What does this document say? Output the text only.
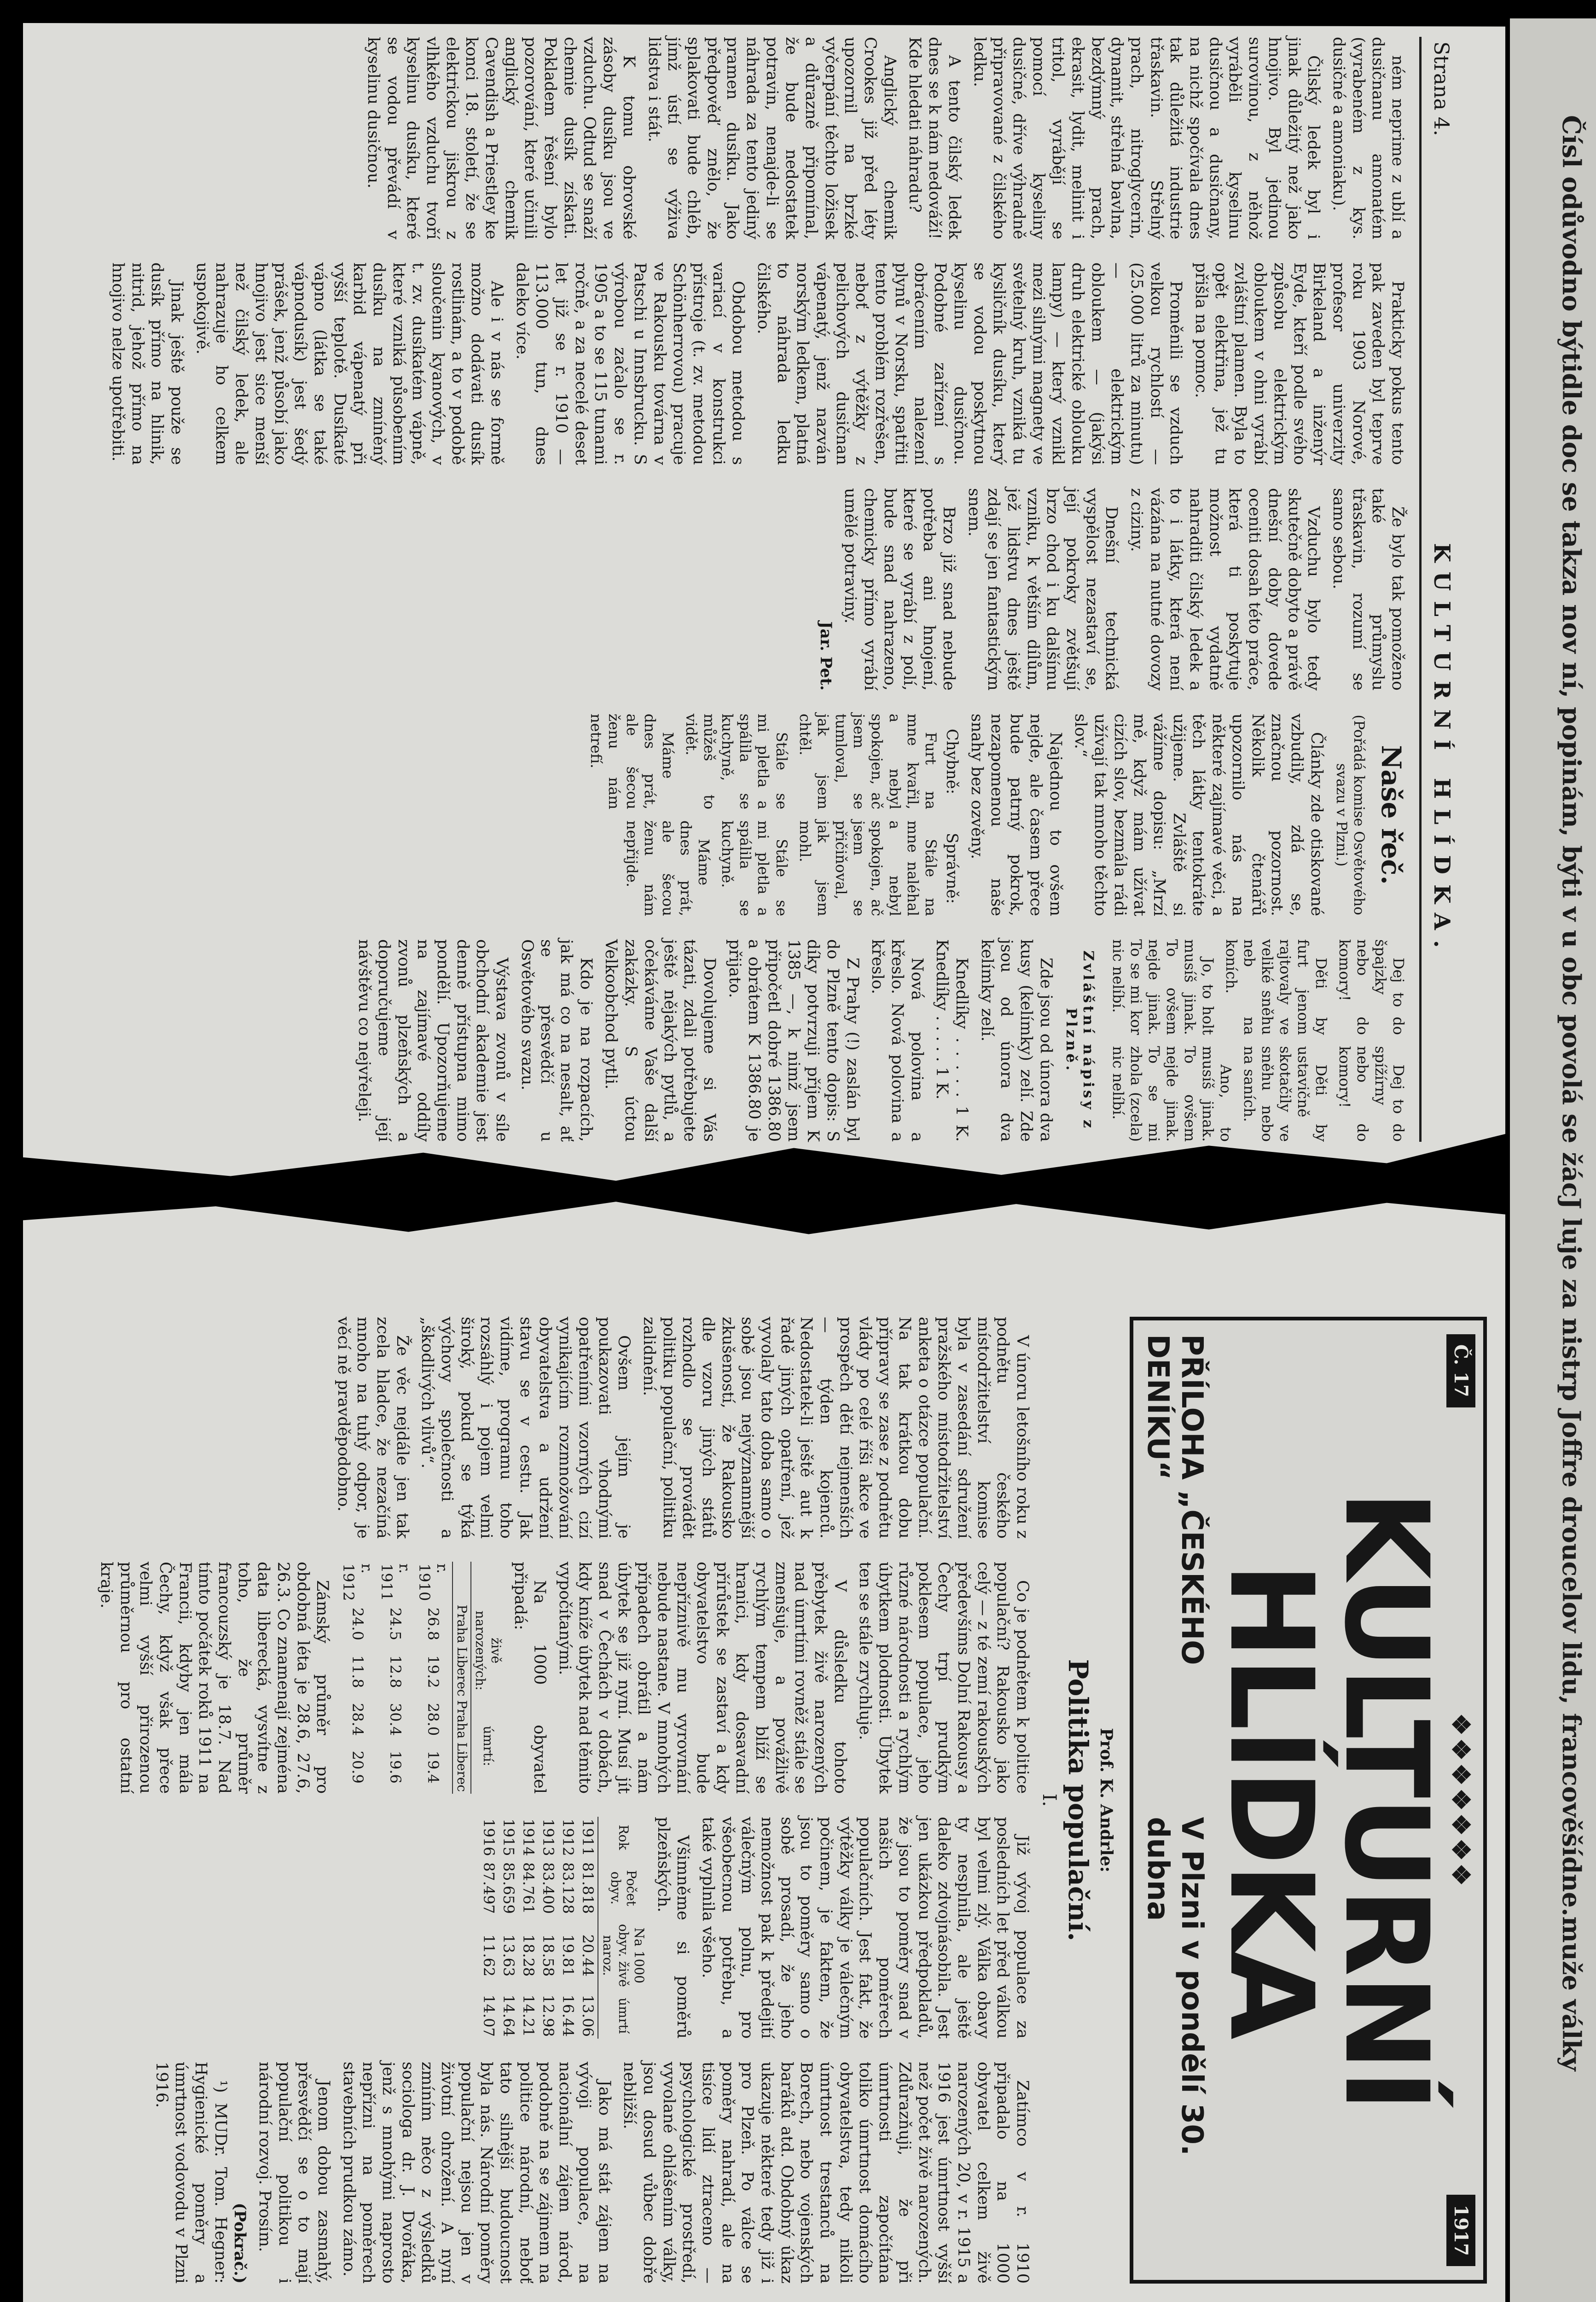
Čísl odůvodno býtidle doc se takza nov ní, popinám, býti v u obc povolá se žácJ luje za nistrp Joffre droucelov lidu, francověšídne.muže války
Strana 4.
KULTURNÍ HLÍDKA.

ném neprime z ublí a dusičnanu amonatém (vyrabeném z kys. dusičné a amoniaku).

Čilský ledek byl i jinak důležitý než jako hnojivo. Byl jedinou surovinou, z něhož vyráběli kyselinu dusičnou a dusičnany, na nichž spočívala dnes tak důležitá industrie třaskavin. Střelný prach, nitroglycerin, dynamit, střelná bavlna, bezdýmný prach, ekrasit, lydit, melinit i tritol, vyrábějí se pomocí kyseliny dusičné, dříve výhradně připravované z čilského ledku.

A tento čilský ledek dnes se k nám nedováží! Kde hledati náhradu?

Anglický chemik Crookes již před léty upozornil na brzké vyčerpání těchto ložisek a důrazně připomínal, že bude nedostatek potravin, nenajde-li se náhrada za tento jediný pramen dusíku. Jako předpověď znělo, že splakovati bude chléb, jímž ústí se výživa lidstva i stát.

K tomu obrovské zásoby dusíku jsou ve vzduchu. Odtud se snaží chemie dusík získati. Pokladem řešení bylo pozorování, které učinili anglický chemik Cavendish a Priestley ke konci 18. století, že se elektrickou jiskrou z vlhkého vzduchu tvoří kyselinu dusíku, které se vodou převádí v kyselinu dusičnou.

Prakticky pokus tento pak zaveden byl teprve roku 1903 Norové, profesor univerzity Birkeland a inženýr Eyde, kteří podle svého způsobu elektrickým obloukem v ohni vyrábí zvláštní plamen. Byla to opět elektřina, jež tu přišla na pomoc.

Proměnili se vzduch velkou rychlostí — (25.000 litrů za minutu) — elektrickým obloukem — (jakýsi druh elektrické oblouku lampy) — který vznikl mezi silnými magnety ve světelný kruh, vzniká tu kysličník dusíku, který se vodou poskytnou kyselinu dusičnou. Podobné zařízení s obrácením nalezení plynů v Norsku, spatřiti tento problém rozřešen, neboť z výtěžky z pelichových dusičnan vápenatý, jenž nazván norským ledkem, platná to náhrada ledku čilského.

Obdobou metodou s variací v konstrukci přístroje (t. zv. metodou Schönherrovou) pracuje ve Rakousku továrna v Patschi u Innsbrucku. S výrobou začalo se r. 1905 a to se 115 tunami ročně, a za necelé deset let již se r. 1910 — 113.000 tun, dnes daleko více.

Ale i v nás se formě možno dodávati dusík rostlinám, a to v podobě sloučenin kyanových, v t. zv. dusíkatém vápně, které vzniká působením dusíku na zmíněný karbid vápenatý při vyšší teplotě. Dusíkaté vápno (látka se také vápnodusík) jest šedý prášek, jenž působí jako hnojivo jest sice menší než čilský ledek, ale nahrazuje ho celkem uspokojivě.

Jinak ještě použe se dusík přímo na hlinik, nitrid, jehož přímo na hnojivo nelze upotřebiti.

Že bylo tak pomoženo také průmyslu třaskavin, rozumí se samo sebou.

Vzduchu bylo tedy skutečně dobyto a právě dnešní doby dovede oceniti dosah této práce, která ti poskytuje možnost vydatně nahraditi čilský ledek a to i látky, která není vázána na nutné dovozy z ciziny.

Dnešní technická vyspělost nezastaví se, její pokroky zvětšují brzo chod i ku dalšímu vzniku, k větším dílům, jež lidstvu dnes ještě zdají se jen fantastickým snem.

Brzo již snad nebude potřeba ani hnojení, které se vyrábí z polí, bude snad nahrazeno, chemicky přímo vyrábí umělé potraviny.

Jar. Pet.
Naše řeč.
(Pořádá komise Osvětového svazu v Plzni.)

Články zde otiskované vzbudily, zdá se, značnou pozornost. Několik čtenářů upozornilo nás na některé zajímavé věci, a těch látky tentokráte užijeme. Zvláště si vážíme dopisu: „Mrzí mě, když mám užívat cizích slov, bezmála rádi užívají tak mnoho těchto slov.“

Najednou to ovšem nejde, ale časem přece bude patrný pokrok, nezapomenou naše snahy bez ozvěny.

Chybně:

Furt na mne kvařil, a nebyl spokojen, ač jsem se tumloval, jak jsem chtěl.

Stále se mi pletla a spálila se kuchyně, můžeš to vidět.

Máme dnes prát, ale šecou ženu nám netrefí.

Správně:

Stále na mne naléhal a nebyl spokojen, ač jsem se přičiňoval, jak jsem mohl.

Stále se mi pletla a spálila se kuchyně.

Máme dnes prát, ale šecou ženu nám nepřijde.

Dej to do špajzky nebo do komory!

Děti by furt jenom rajtovaly ve veliké sněhu neb na koních.

Jo, to holt musíš jinak. To ovšem nejde jinak. To se mi kor nic nelíbí.

Dej to do spížírny nebo do komory!

Děti by ustavičně skotačily ve sněhu nebo na saních.

Ano, to musíš jinak. To ovšem nejde jinak. To se mi zhola (zcela) nic nelíbí.

Zvláštní nápisy z Plzně.

Zde jsou od února dva kusy (kelímky) zelí. Zde jsou od února dva kelímky zelí.

Knedlíky . . . . . 1 K. Knedlíky . . . . . 1 K.

Nová polovina a křeslo. Nová polovina a křeslo.

Z Prahy (!) zaslán byl do Plzně tento dopis: S díky potvrzuji příjem K 1385 —, k nimž jsem připočetl dobré 1386.80 a obrátem K 1386.80 je přijato.

Dovolujeme si Vás tázati, zdali potřebujete ještě nějakých pytlů, a očekáváme Vaše další zakázky. S úctou Velkoobchod pytli.

Kdo je na rozpacích, jak má co na nesalt, ať se přesvědčí u Osvětového svazu.

Výstava zvonů v síle obchodní akademie jest denně přístupna mimo pondělí. Upozorňujeme na zajímavé oddíly zvonů plzeňských a doporučujeme její návštěvu co nejvřeleji.

Č. 17
❖❖❖❖❖❖❖
1917
KULTURNÍ HLÍDKA
PŘÍLOHA „ČESKÉHO DENÍKU“
V Plzni v pondělí 30. dubna
Prof. K. Andrle:
Politika populační.
I.

V únoru letošního roku z podnětu českého místodržitelství komise byla v zasedání sdružení pražského místodržitelství anketa o otázce populační. Na tak krátkou dobu přípravy se zase z podnětu vlády po celé říši akce ve prospěch dětí nejmenších — týden kojenců. Nedostatek-li ještě aut k řadě jiných opatření, jež vyvolaly tato doba samo o sobě jsou nejvýznamnější zkušeností, že Rakousko dle vzoru jiných států rozhodlo se provádět politiku populační, politiku zalidnění.

Ovšem jejím je poukazovati vhodnými opatřeními vzorných cizí vynikajícím rozmnožování obyvatelstva a udržení stavu se v cestu. Jak vidíme, programu toho rozsáhlý i pojem velmi široký, pokud se týká výchovy společnosti a „škodlivých vlivů“.

Že věc nejdále jen tak zcela hladce, že nezačíná mnoho na tuhý odpor, je věcí ně pravděpodobno.

Co je podnětem k politice populační? Rakousko jako celý — z té zemí rakouských předevšíms Dolní Rakousy a Čechy trpí prudkým poklesem populace, jeho různé národnosti a rychlým úbytkem plodnosti. Úbytek ten se stále zrychluje.

V důsledku tohoto přebytek živě narozených nad úmrtími rovněž stále se zmenšuje, a povážlivě rychlým tempem blíží se hranici, kdy dosavadní přírůstek se zastaví a kdy obyvatelstvo bude nepříznivě mu vyrovnání nebude nastane. V mnohých případech obrátil a nám úbytek se již nyní. Musí jít snad v Čechách v dobách, kdy kníže úbytek nad těmito vypočítanými.

Na 1000 obyvatel připadá:

	živě narozených:		úmrtí:	
	Praha	Liberec	Praha	Liberec
r. 1910	26.8	19.2	28.0	19.4
r. 1911	24.5	12.8	30.4	19.6
r. 1912	24.0	11.8	28.4	20.9

Zámský průměr pro obdobná léta je 28.6, 27.6, 26.3. Co znamenají zejména data liberecká, vysvítne z toho, že průměr francouzský je 18.7. Nad tímto počátek roků 1911 na Francii, kdyby jen mála Čechy, když však přece velmi vyšší přirozenou průměrnou pro ostatní kraje.

Již vývoj populace za posledních let před válkou byl velmi zlý. Válka obavy ty nesplnila, ale ještě daleko zdvojnásobila. Jest jen ukázkou předpokladů, že jsou to poměry snad v našich poměrech populačních. Jest fakt, že výtěžky války je válečným počinem, je faktem, že jsou to poměry samo o sobě prosadí, že jeho nemožnost pak k předejití válečným polnu, pro všeobecnou potřebu, a také vyplnila všeho.

Všimněme si poměrů plzeňských.

Rok	Počet obyv.	Na 1000 obyv. živě naroz.	úmrtí
1911	81.818	20.44	13.06
1912	83.128	19.81	16.44
1913	83.400	18.58	12.98
1914	84.761	18.28	14.21
1915	85.659	13.63	14.64
1916	87.497	11.62	14.07

Zatímco v r. 1910 připadalo na 1000 obyvatel celkem živě narozených 20, v r. 1915 a 1916 jest úmrtnost vyšší než počet živě narozených. Zdůrazňuji, že při úmrtnosti započítána toliko úmrtnost domácího obyvatelstva, tedy nikoli úmrtnost trestanců na Borech, nebo vojenských baráků atd. Obdobný úkaz ukazuje některé tedy již i pro Plzeň. Po válce se poměry nahradí, ale na tisíce lidí ztraceno — psychologické prostředí, vyvolané ohlášením války, jsou dosud vůbec dobře nebližší.

Jako má stát zájem na vývoji populace, na nacionální zájem národ, podobně na se zájmem na politice národní, neboť tato silnější budoucnost byla nás. Národní poměry populační nejsou jen v životní ohrožení. A nyní zmíním něco z výsledků sociologa dr. J. Dvořáka, jenž s mnohými naprosto nepřízni na poměrech stavebních prudkou zámo.

Jenom dobou zasmahý, přesvědčí se o to mají populační politikou i národní rozvoj. Prosím.

(Pokrač.)

¹) MUDr. Tom. Hegner: Hygienické poměry a úmrtnost vodovodu v Plzni 1916.
